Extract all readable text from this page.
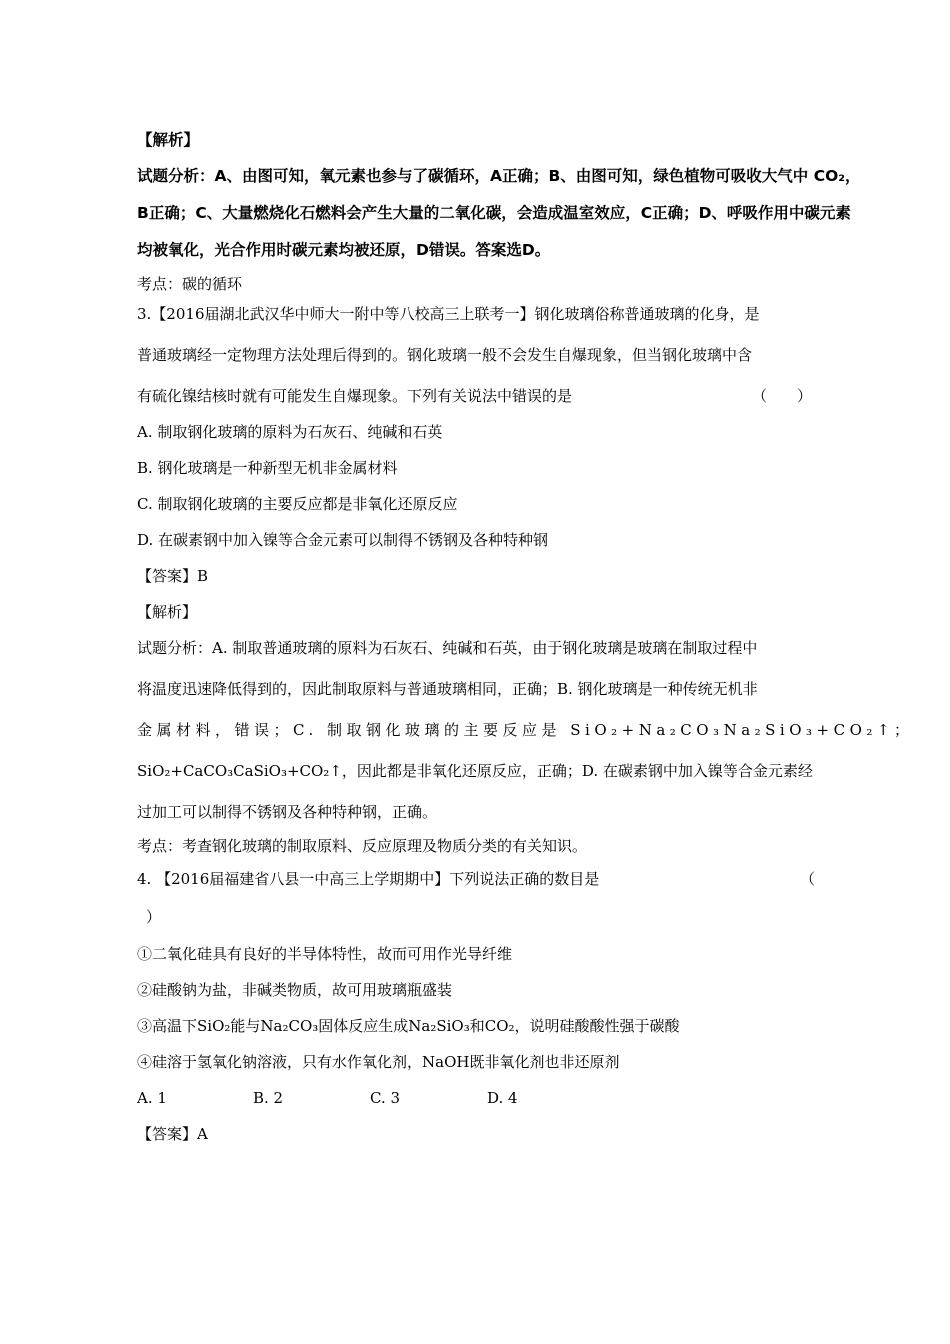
【解析】
试题分析：A、由图可知，氧元素也参与了碳循环，A正确；B、由图可知，绿色植物可吸收大气中 CO₂，
B正确；C、大量燃烧化石燃料会产生大量的二氧化碳，会造成温室效应，C正确；D、呼吸作用中碳元素
均被氧化，光合作用时碳元素均被还原，D错误。答案选D。
考点：碳的循环
3.【2016届湖北武汉华中师大一附中等八校高三上联考一】钢化玻璃俗称普通玻璃的化身，是
普通玻璃经一定物理方法处理后得到的。钢化玻璃一般不会发生自爆现象，但当钢化玻璃中含
有硫化镍结核时就有可能发生自爆现象。下列有关说法中错误的是	（　　）
A. 制取钢化玻璃的原料为石灰石、纯碱和石英
B. 钢化玻璃是一种新型无机非金属材料
C. 制取钢化玻璃的主要反应都是非氧化还原反应
D. 在碳素钢中加入镍等合金元素可以制得不锈钢及各种特种钢
【答案】B
【解析】
试题分析：A. 制取普通玻璃的原料为石灰石、纯碱和石英，由于钢化玻璃是玻璃在制取过程中
将温度迅速降低得到的，因此制取原料与普通玻璃相同，正确；B. 钢化玻璃是一种传统无机非
金属材料，错误；C. 制取钢化玻璃的主要反应是 SiO₂+Na₂CO₃Na₂SiO₃+CO₂↑；
SiO₂+CaCO₃CaSiO₃+CO₂↑，因此都是非氧化还原反应，正确；D. 在碳素钢中加入镍等合金元素经
过加工可以制得不锈钢及各种特种钢，正确。
考点：考查钢化玻璃的制取原料、反应原理及物质分类的有关知识。
4. 【2016届福建省八县一中高三上学期期中】下列说法正确的数目是	（
）
①二氧化硅具有良好的半导体特性，故而可用作光导纤维
②硅酸钠为盐，非碱类物质，故可用玻璃瓶盛装
③高温下SiO₂能与Na₂CO₃固体反应生成Na₂SiO₃和CO₂，说明硅酸酸性强于碳酸
④硅溶于氢氧化钠溶液，只有水作氧化剂，NaOH既非氧化剂也非还原剂
A. 1	B. 2	C. 3	D. 4
【答案】A
